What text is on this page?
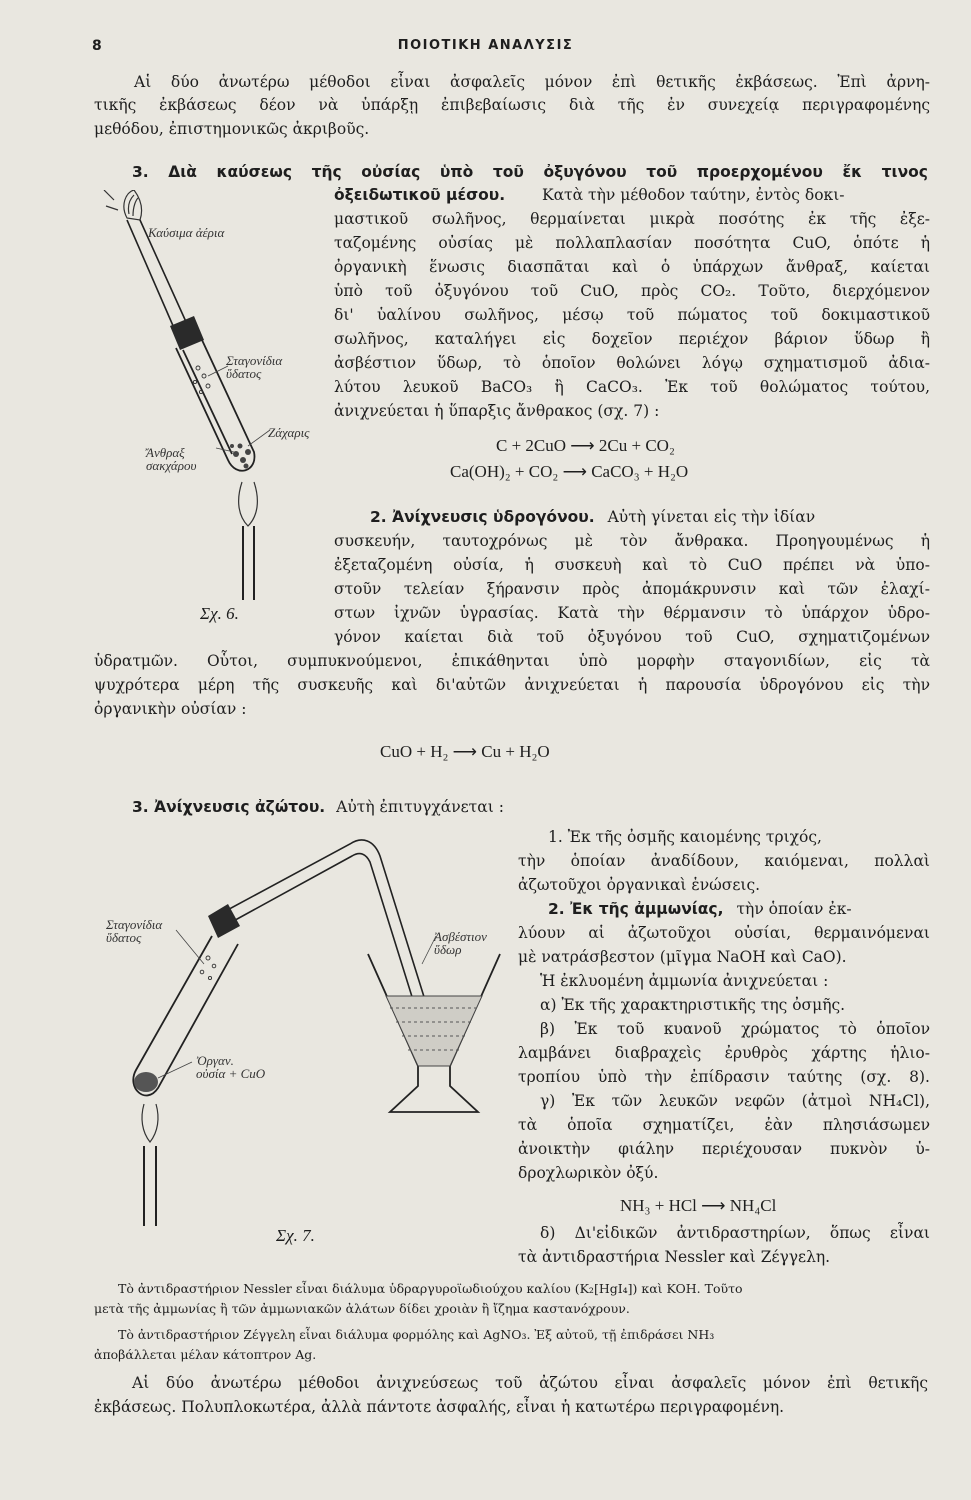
8	ΠΟΙΟΤΙΚΗ ΑΝΑΛΥΣΙΣ
Αἱ δύο ἀνωτέρω μέθοδοι εἶναι ἀσφαλεῖς μόνον ἐπὶ θετικῆς ἐκβάσεως. Ἐπὶ ἀρνη-
τικῆς ἐκβάσεως δέον νὰ ὑπάρξῃ ἐπιβεβαίωσις διὰ τῆς ἐν συνεχείᾳ περιγραφομένης
μεθόδου, ἐπιστημονικῶς ἀκριβοῦς.
3. Διὰ καύσεως τῆς οὐσίας ὑπὸ τοῦ ὀξυγόνου τοῦ προερχομένου ἔκ τινος
ὀξειδωτικοῦ μέσου. Κατὰ τὴν μέθοδον ταύτην, ἐντὸς δοκι-
μαστικοῦ σωλῆνος, θερμαίνεται μικρὰ ποσότης ἐκ τῆς ἐξε-
ταζομένης οὐσίας μὲ πολλαπλασίαν ποσότητα CuO, ὁπότε ἡ
ὀργανικὴ ἕνωσις διασπᾶται καὶ ὁ ὑπάρχων ἄνθραξ, καίεται
ὑπὸ τοῦ ὀξυγόνου τοῦ CuO, πρὸς CO₂. Τοῦτο, διερχόμενον
δι' ὑαλίνου σωλῆνος, μέσῳ τοῦ πώματος τοῦ δοκιμαστικοῦ
σωλῆνος, καταλήγει εἰς δοχεῖον περιέχον βάριον ὕδωρ ἢ
ἀσβέστιον ὕδωρ, τὸ ὁποῖον θολώνει λόγῳ σχηματισμοῦ ἀδια-
λύτου λευκοῦ BaCO₃ ἢ CaCO₃. Ἐκ τοῦ θολώματος τούτου,
ἀνιχνεύεται ἡ ὕπαρξις ἄνθρακος (σχ. 7) :
C + 2CuO ⟶ 2Cu + CO₂
Ca(OH)₂ + CO₂ ⟶ CaCO₃ + H₂O
2. Ἀνίχνευσις ὑδρογόνου. Αὐτὴ γίνεται εἰς τὴν ἰδίαν
συσκευήν, ταυτοχρόνως μὲ τὸν ἄνθρακα. Προηγουμένως ἡ
ἐξεταζομένη οὐσία, ἡ συσκευὴ καὶ τὸ CuO πρέπει νὰ ὑπο-
στοῦν τελείαν ξήρανσιν πρὸς ἀπομάκρυνσιν καὶ τῶν ἐλαχί-
στων ἰχνῶν ὑγρασίας. Κατὰ τὴν θέρμανσιν τὸ ὑπάρχον ὑδρο-
γόνον καίεται διὰ τοῦ ὀξυγόνου τοῦ CuO, σχηματιζομένων
ὑδρατμῶν. Οὗτοι, συμπυκνούμενοι, ἐπικάθηνται ὑπὸ μορφὴν σταγονιδίων, εἰς τὰ
ψυχρότερα μέρη τῆς συσκευῆς καὶ δι'αὐτῶν ἀνιχνεύεται ἡ παρουσία ὑδρογόνου εἰς τὴν
ὀργανικὴν οὐσίαν :
CuO + H₂ ⟶ Cu + H₂O
Σχ. 6.
Καύσιμα ἀέρια
Σταγονίδια ὕδατος
Ζάχαρις
Ἄνθραξ σακχάρου
3. Ἀνίχνευσις ἀζώτου. Αὐτὴ ἐπιτυγχάνεται :
1. Ἐκ τῆς ὀσμῆς καιομένης τριχός,
τὴν ὁποίαν ἀναδίδουν, καιόμεναι, πολλαὶ
ἀζωτοῦχοι ὀργανικαὶ ἑνώσεις.
2. Ἐκ τῆς ἀμμωνίας, τὴν ὁποίαν ἐκ-
λύουν αἱ ἀζωτοῦχοι οὐσίαι, θερμαινόμεναι
μὲ νατράσβεστον (μῖγμα NaOH καὶ CaO).
Ἡ ἐκλυομένη ἀμμωνία ἀνιχνεύεται :
α) Ἐκ τῆς χαρακτηριστικῆς της ὀσμῆς.
β) Ἐκ τοῦ κυανοῦ χρώματος τὸ ὁποῖον
λαμβάνει διαβραχεὶς ἐρυθρὸς χάρτης ἡλιο-
τροπίου ὑπὸ τὴν ἐπίδρασιν ταύτης (σχ. 8).
γ) Ἐκ τῶν λευκῶν νεφῶν (ἀτμοὶ NH₄Cl),
τὰ ὁποῖα σχηματίζει, ἐὰν πλησιάσωμεν
ἀνοικτὴν φιάλην περιέχουσαν πυκνὸν ὑ-
δροχλωρικὸν ὀξύ.
NH₃ + HCl ⟶ NH₄Cl
δ) Δι'εἰδικῶν ἀντιδραστηρίων, ὅπως εἶναι
τὰ ἀντιδραστήρια Nessler καὶ Ζέγγελη.
Σχ. 7.
Σταγονίδια ὕδατος	Ἀσβέστιον ὕδωρ
Ὀργαν. οὐσία + CuO
Τὸ ἀντιδραστήριον Nessler εἶναι διάλυμα ὑδραργυροϊωδιούχου καλίου (K₂[HgI₄]) καὶ KOH. Τοῦτο
μετὰ τῆς ἀμμωνίας ἢ τῶν ἀμμωνιακῶν ἀλάτων δίδει χροιὰν ἢ ἴζημα καστανόχρουν.
Τὸ ἀντιδραστήριον Ζέγγελη εἶναι διάλυμα φορμόλης καὶ AgNO₃. Ἐξ αὐτοῦ, τῇ ἐπιδράσει NH₃
ἀποβάλλεται μέλαν κάτοπτρον Ag.
Αἱ δύο ἀνωτέρω μέθοδοι ἀνιχνεύσεως τοῦ ἀζώτου εἶναι ἀσφαλεῖς μόνον ἐπὶ θετικῆς
ἐκβάσεως. Πολυπλοκωτέρα, ἀλλὰ πάντοτε ἀσφαλής, εἶναι ἡ κατωτέρω περιγραφομένη.
